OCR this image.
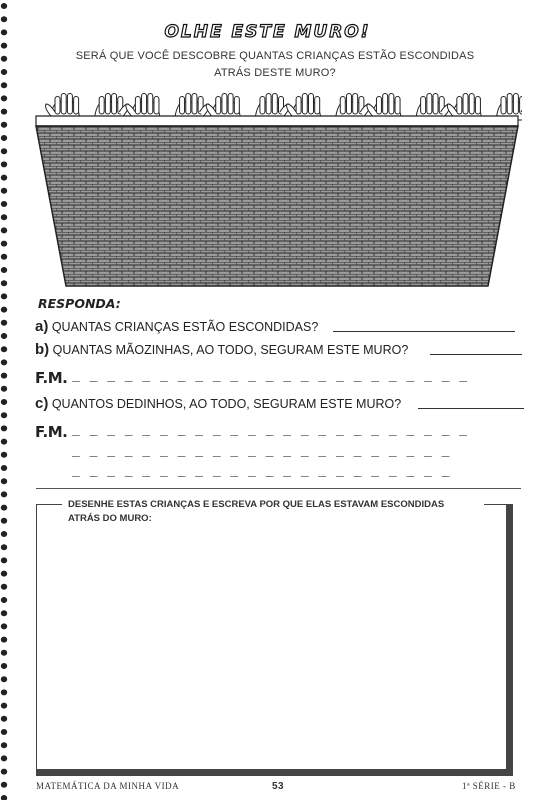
OLHE ESTE MURO!
SERÁ QUE VOCÊ DESCOBRE QUANTAS CRIANÇAS ESTÃO ESCONDIDAS
ATRÁS DESTE MURO?
RESPONDA:
a) QUANTAS CRIANÇAS ESTÃO ESCONDIDAS?
b) QUANTAS MÃOZINHAS, AO TODO, SEGURAM ESTE MURO?
F.M. _ _ _ _ _ _ _ _ _ _ _ _ _ _ _ _ _ _ _ _ _ _ _
c) QUANTOS DEDINHOS, AO TODO, SEGURAM ESTE MURO?
F.M. _ _ _ _ _ _ _ _ _ _ _ _ _ _ _ _ _ _ _ _ _ _ _
_ _ _ _ _ _ _ _ _ _ _ _ _ _ _ _ _ _ _ _ _ _
_ _ _ _ _ _ _ _ _ _ _ _ _ _ _ _ _ _ _ _ _ _
DESENHE ESTAS CRIANÇAS E ESCREVA POR QUE ELAS ESTAVAM ESCONDIDAS
ATRÁS DO MURO:
MATEMÁTICA DA MINHA VIDA	53	1ª SÉRIE - B
